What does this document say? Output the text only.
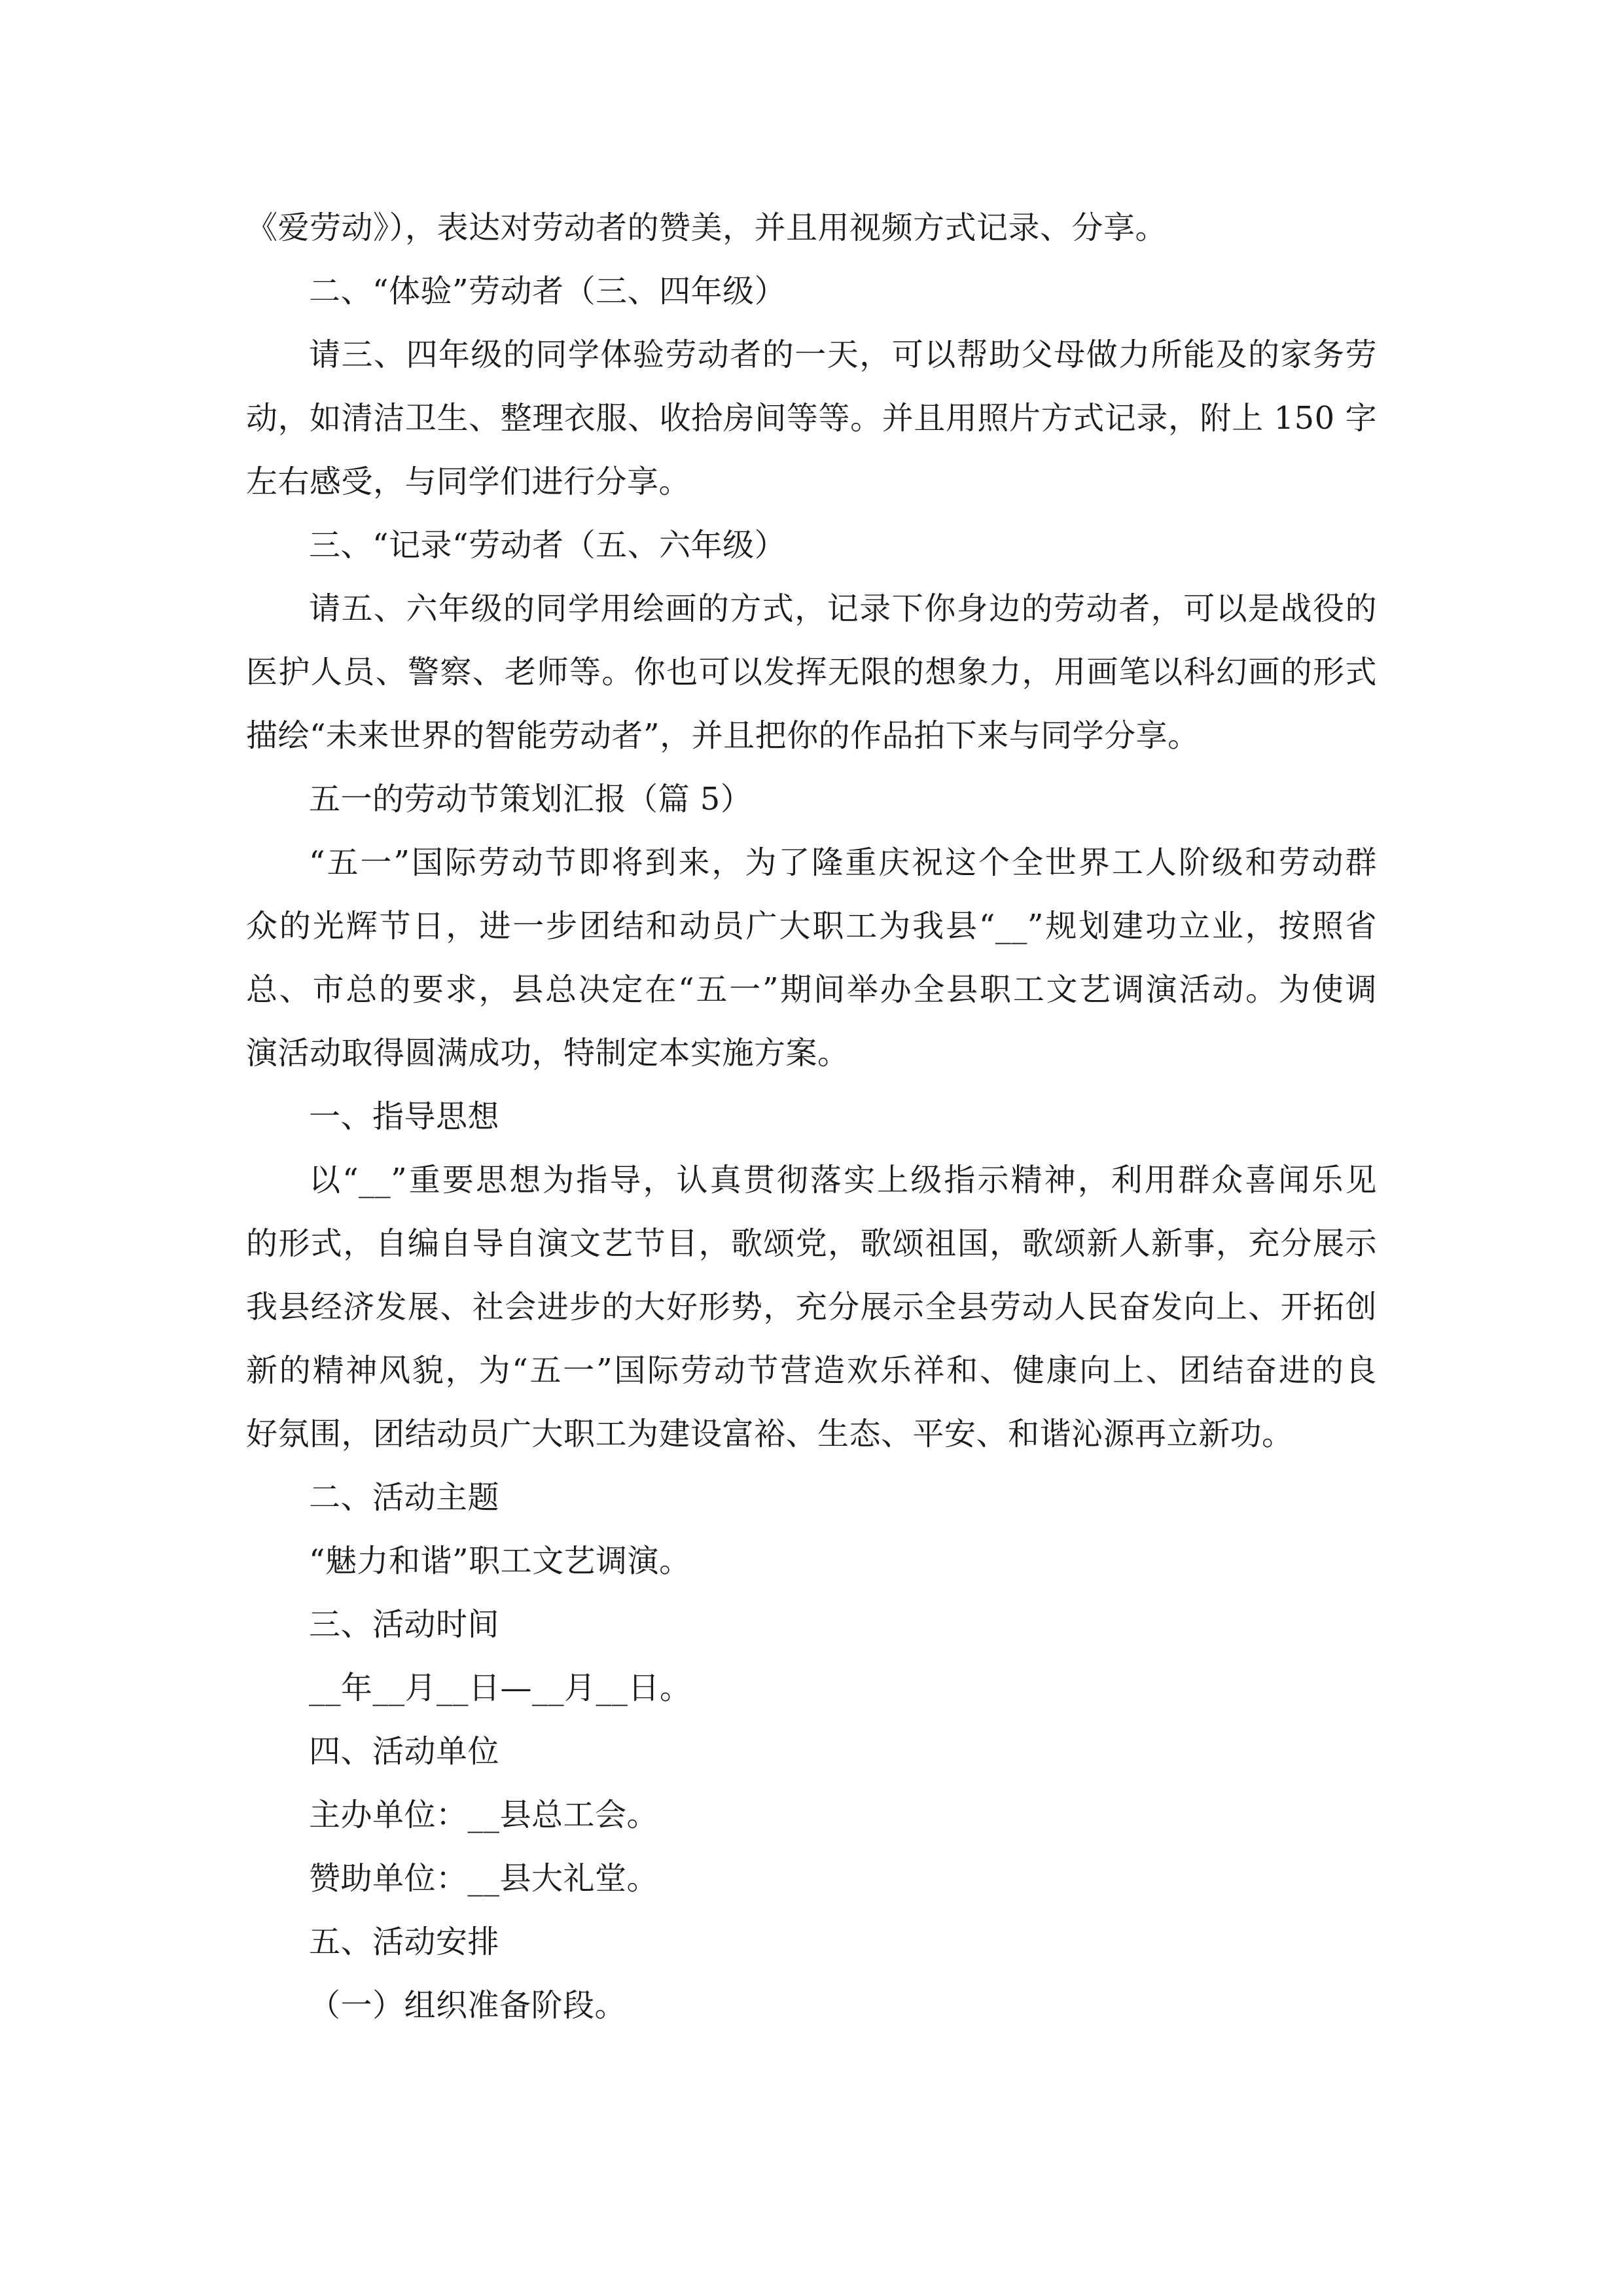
《爱劳动》），表达对劳动者的赞美，并且用视频方式记录、分享。
二、“体验”劳动者（三、四年级）
请三、四年级的同学体验劳动者的一天，可以帮助父母做力所能及的家务劳
动，如清洁卫生、整理衣服、收拾房间等等。并且用照片方式记录，附上 150 字
左右感受，与同学们进行分享。
三、“记录“劳动者（五、六年级）
请五、六年级的同学用绘画的方式，记录下你身边的劳动者，可以是战役的
医护人员、警察、老师等。你也可以发挥无限的想象力，用画笔以科幻画的形式
描绘“未来世界的智能劳动者”，并且把你的作品拍下来与同学分享。
五一的劳动节策划汇报（篇 5）
“五一”国际劳动节即将到来，为了隆重庆祝这个全世界工人阶级和劳动群
众的光辉节日，进一步团结和动员广大职工为我县“__”规划建功立业，按照省
总、市总的要求，县总决定在“五一”期间举办全县职工文艺调演活动。为使调
演活动取得圆满成功，特制定本实施方案。
一、指导思想
以“__”重要思想为指导，认真贯彻落实上级指示精神，利用群众喜闻乐见
的形式，自编自导自演文艺节目，歌颂党，歌颂祖国，歌颂新人新事，充分展示
我县经济发展、社会进步的大好形势，充分展示全县劳动人民奋发向上、开拓创
新的精神风貌，为“五一”国际劳动节营造欢乐祥和、健康向上、团结奋进的良
好氛围，团结动员广大职工为建设富裕、生态、平安、和谐沁源再立新功。
二、活动主题
“魅力和谐”职工文艺调演。
三、活动时间
__年__月__日—__月__日。
四、活动单位
主办单位：__县总工会。
赞助单位：__县大礼堂。
五、活动安排
（一）组织准备阶段。
